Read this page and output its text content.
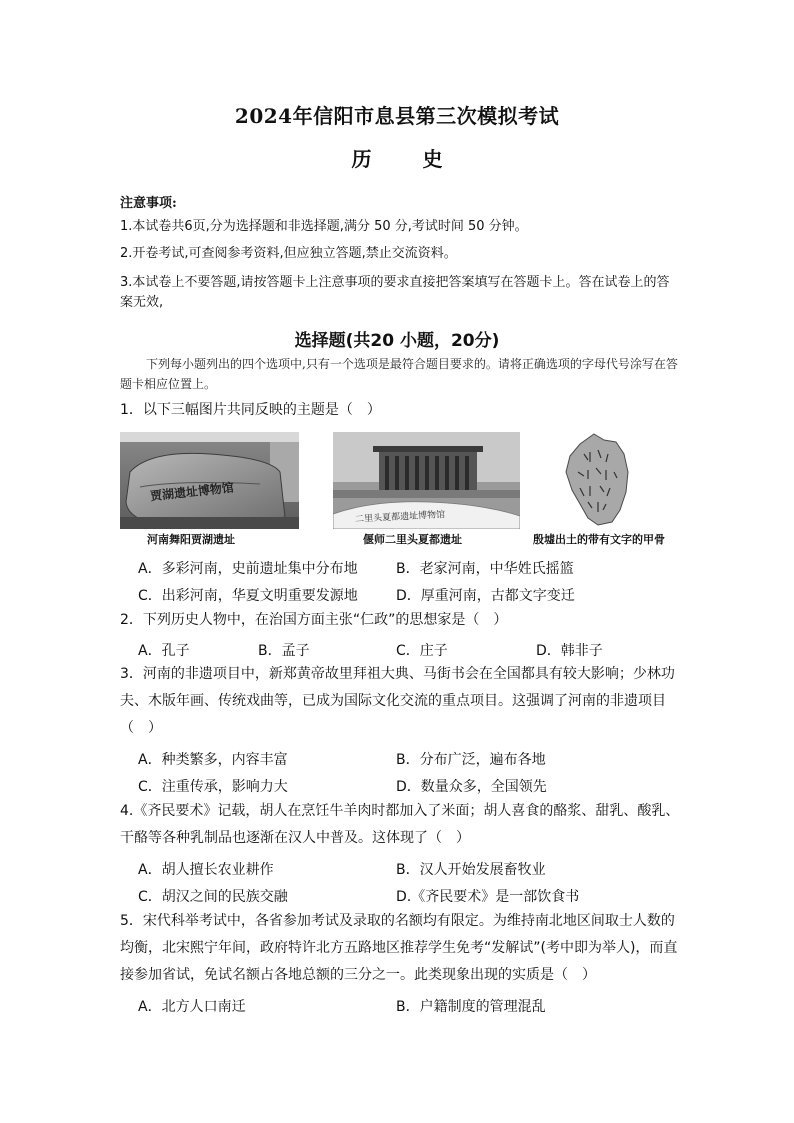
2024年信阳市息县第三次模拟考试
历 史
注意事项:
1.本试卷共6页,分为选择题和非选择题,满分 50 分,考试时间 50 分钟。
2.开卷考试,可查阅参考资料,但应独立答题,禁止交流资料。
3.本试卷上不要答题,请按答题卡上注意事项的要求直接把答案填写在答题卡上。答在试卷上的答案无效,
选择题(共20 小题，20分)
下列每小题列出的四个选项中,只有一个选项是最符合题目要求的。请将正确选项的字母代号涂写在答题卡相应位置上。
1．以下三幅图片共同反映的主题是（　）
贾湖遗址博物馆
河南舞阳贾湖遗址
二里头夏都遗址博物馆
偃师二里头夏都遗址	殷墟出土的带有文字的甲骨
A．多彩河南，史前遗址集中分布地	B．老家河南，中华姓氏摇篮
C．出彩河南，华夏文明重要发源地	D．厚重河南，古都文字变迁
2．下列历史人物中，在治国方面主张“仁政”的思想家是（　）
A．孔子	B．孟子	C．庄子	D．韩非子
3．河南的非遗项目中，新郑黄帝故里拜祖大典、马街书会在全国都具有较大影响；少林功夫、木版年画、传统戏曲等，已成为国际文化交流的重点项目。这强调了河南的非遗项目（　）
A．种类繁多，内容丰富	B．分布广泛，遍布各地
C．注重传承，影响力大	D．数量众多，全国领先
4.《齐民要术》记载，胡人在烹饪牛羊肉时都加入了米面；胡人喜食的酪浆、甜乳、酸乳、干酪等各种乳制品也逐渐在汉人中普及。这体现了（　）
A．胡人擅长农业耕作	B．汉人开始发展畜牧业
C．胡汉之间的民族交融	D.《齐民要术》是一部饮食书
5．宋代科举考试中，各省参加考试及录取的名额均有限定。为维持南北地区间取士人数的均衡，北宋熙宁年间，政府特许北方五路地区推荐学生免考“发解试”(考中即为举人)，而直接参加省试，免试名额占各地总额的三分之一。此类现象出现的实质是（　）
A．北方人口南迁	B．户籍制度的管理混乱
